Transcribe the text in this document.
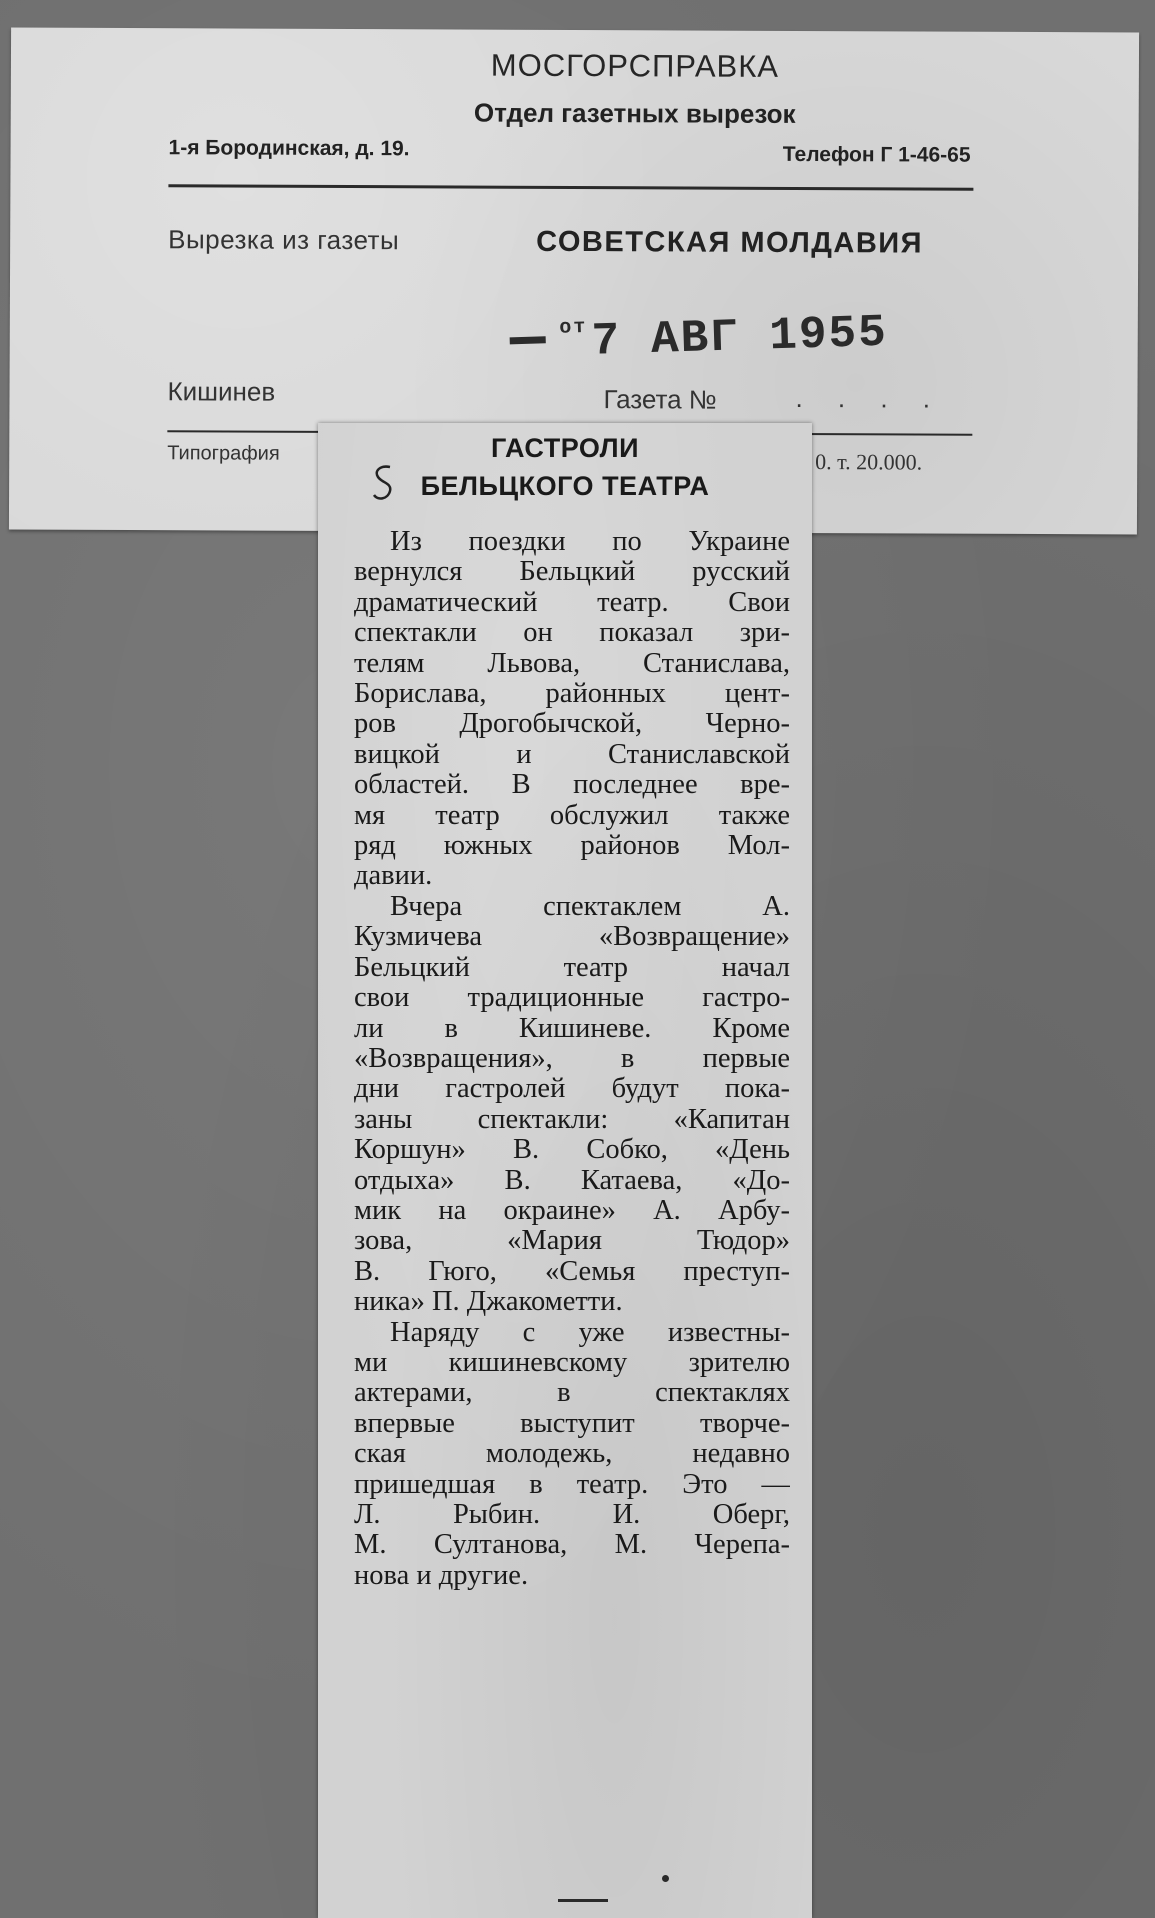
МОСГОРСПРАВКА
Отдел газетных вырезок
1-я Бородинская, д. 19.	Телефон Г 1-46-65
Вырезка из газеты	СОВЕТСКАЯ МОЛДАВИЯ
$^{от}$7 АВГ 1955
Кишинев	Газета №	. . . .
Типография	0. т. 20.000.
ГАСТРОЛИ
БЕЛЬЦКОГО ТЕАТРА
Из поездки по Украине
вернулся Бельцкий русский
драматический театр. Свои
спектакли он показал зри-
телям Львова, Станислава,
Борислава, районных цент-
ров Дрогобычской, Черно-
вицкой и Станиславской
областей. В последнее вре-
мя театр обслужил также
ряд южных районов Мол-
давии.
Вчера спектаклем А.
Кузмичева «Возвращение»
Бельцкий театр начал
свои традиционные гастро-
ли в Кишиневе. Кроме
«Возвращения», в первые
дни гастролей будут пока-
заны спектакли: «Капитан
Коршун» В. Собко, «День
отдыха» В. Катаева, «До-
мик на окраине» А. Арбу-
зова, «Мария Тюдор»
В. Гюго, «Семья преступ-
ника» П. Джакометти.
Наряду с уже известны-
ми кишиневскому зрителю
актерами, в спектаклях
впервые выступит творче-
ская молодежь, недавно
пришедшая в театр. Это —
Л. Рыбин. И. Оберг,
М. Султанова, М. Черепа-
нова и другие.
